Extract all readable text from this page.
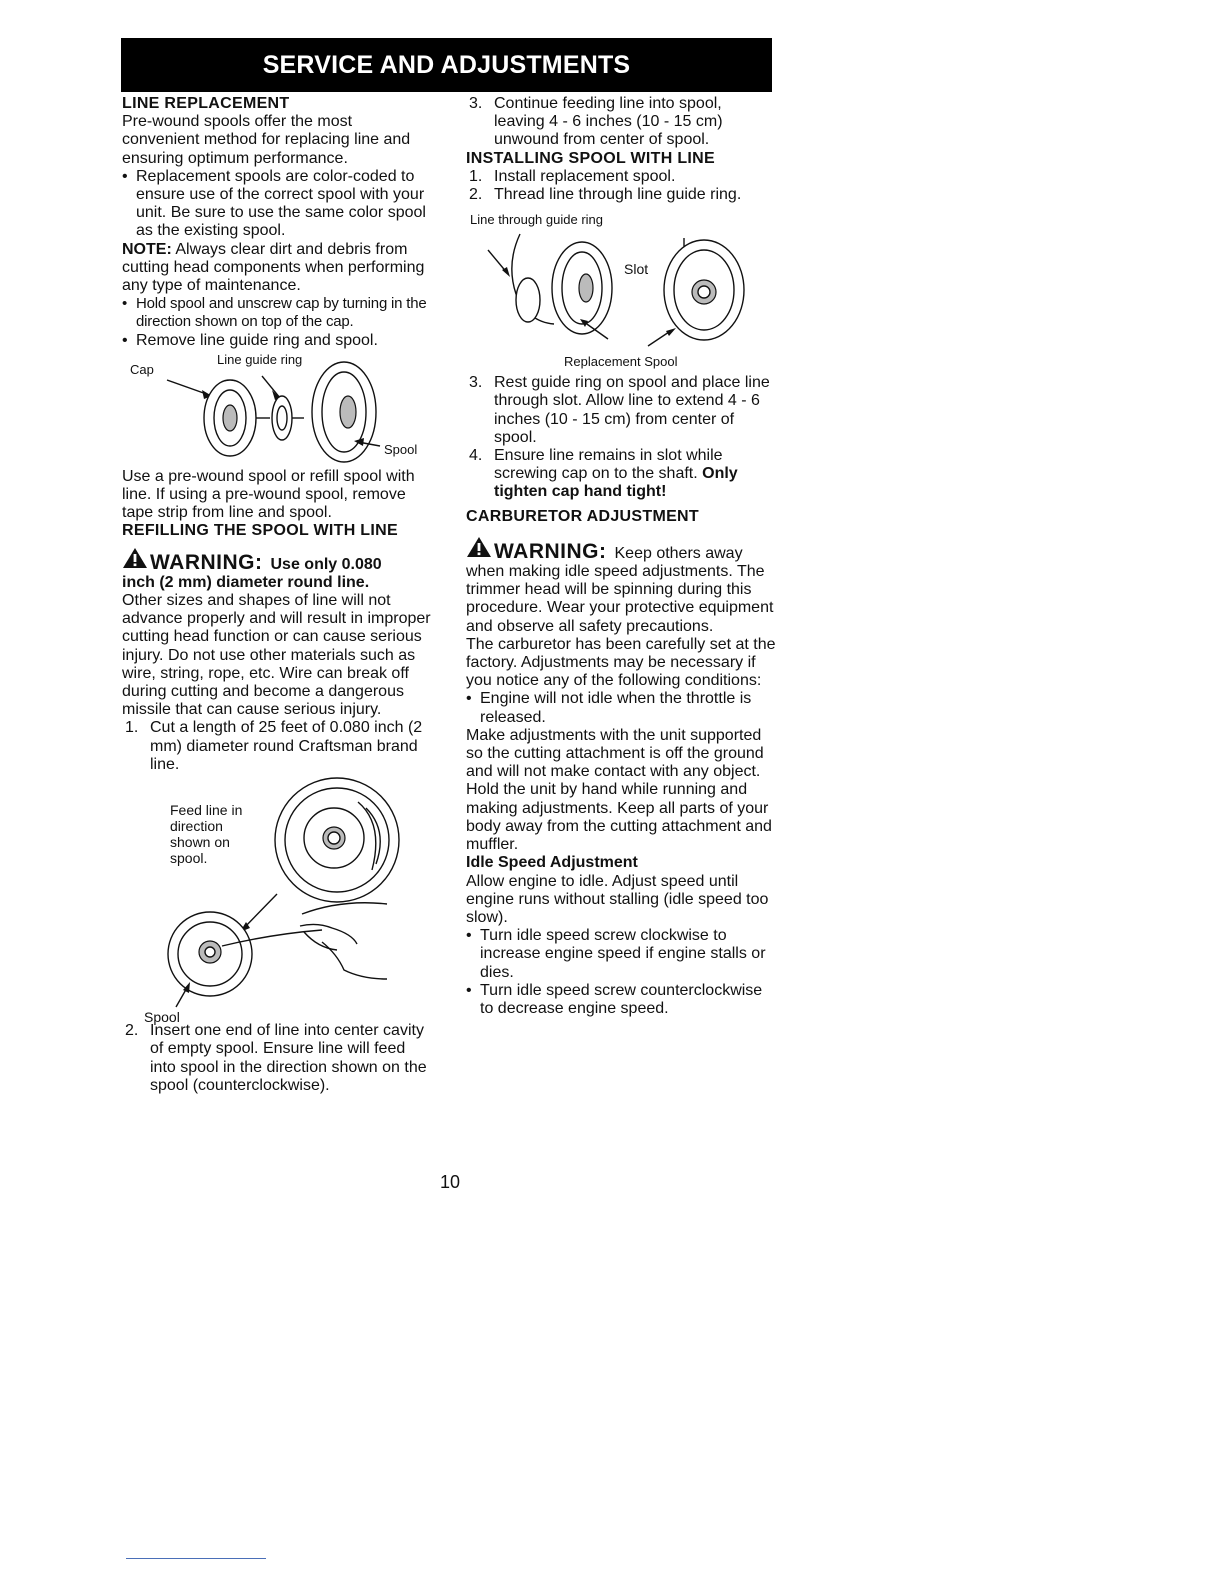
SERVICE AND ADJUSTMENTS

LINE REPLACEMENT

Pre-wound spools offer the most convenient method for replacing line and ensuring optimum performance.

• Replacement spools are color-coded to ensure use of the correct spool with your unit. Be sure to use the same color spool as the existing spool.

NOTE: Always clear dirt and debris from cutting head components when performing any type of maintenance.

• Hold spool and unscrew cap by turning in the direction shown on top of the cap.
• Remove line guide ring and spool.
Cap
Line guide ring
Spool

Use a pre-wound spool or refill spool with line. If using a pre-wound spool, remove tape strip from line and spool.

REFILLING THE SPOOL WITH LINE

WARNING: Use only 0.080

inch (2 mm) diameter round line.

Other sizes and shapes of line will not advance properly and will result in improper cutting head function or can cause serious injury. Do not use other materials such as wire, string, rope, etc. Wire can break off during cutting and become a dangerous missile that can cause serious injury.

1. Cut a length of 25 feet of 0.080 inch (2 mm) diameter round Craftsman brand line.
Feed line in direction shown on spool.
Spool
2. Insert one end of line into center cavity of empty spool. Ensure line will feed into spool in the direction shown on the spool (counterclockwise).
3. Continue feeding line into spool, leaving 4 - 6 inches (10 - 15 cm) unwound from center of spool.

INSTALLING SPOOL WITH LINE

1. Install replacement spool.
2. Thread line through line guide ring.
Line through guide ring
Slot
Replacement Spool
3. Rest guide ring on spool and place line through slot. Allow line to extend 4 - 6 inches (10 - 15 cm) from center of spool.
4. Ensure line remains in slot while screwing cap on to the shaft. Only tighten cap hand tight!

CARBURETOR ADJUSTMENT

WARNING: Keep others away

when making idle speed adjustments. The trimmer head will be spinning during this procedure. Wear your protective equipment and observe all safety precautions.

The carburetor has been carefully set at the factory. Adjustments may be necessary if you notice any of the following conditions:

• Engine will not idle when the throttle is released.

Make adjustments with the unit supported so the cutting attachment is off the ground and will not make contact with any object. Hold the unit by hand while running and making adjustments. Keep all parts of your body away from the cutting attachment and muffler.

Idle Speed Adjustment

Allow engine to idle. Adjust speed until engine runs without stalling (idle speed too slow).

• Turn idle speed screw clockwise to increase engine speed if engine stalls or dies.
• Turn idle speed screw counterclockwise to decrease engine speed.
10
